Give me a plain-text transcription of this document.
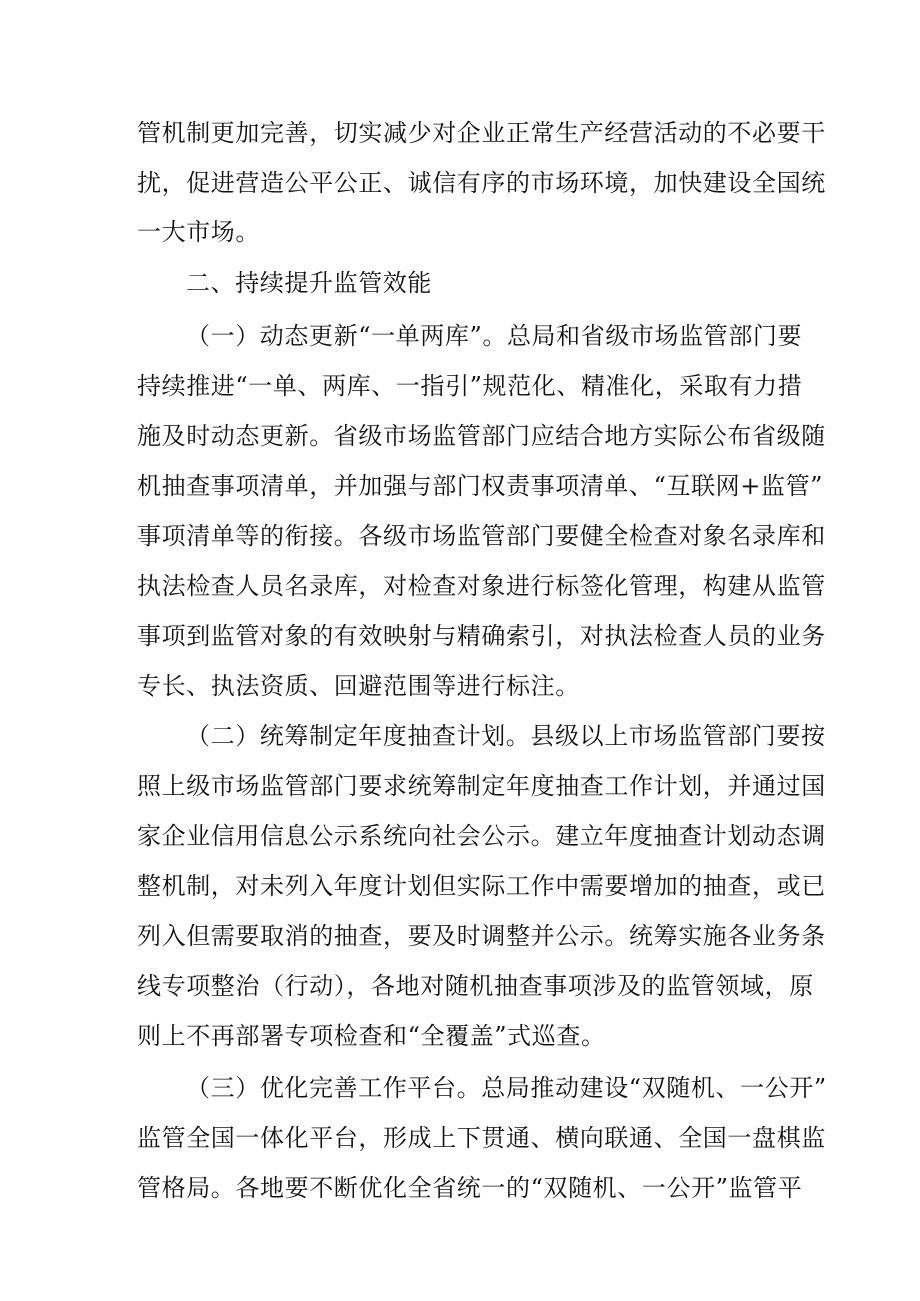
管机制更加完善，切实减少对企业正常生产经营活动的不必要干
扰，促进营造公平公正、诚信有序的市场环境，加快建设全国统
一大市场。
二、持续提升监管效能
（一）动态更新“一单两库”。总局和省级市场监管部门要
持续推进“一单、两库、一指引”规范化、精准化，采取有力措
施及时动态更新。省级市场监管部门应结合地方实际公布省级随
机抽查事项清单，并加强与部门权责事项清单、“互联网+监管”
事项清单等的衔接。各级市场监管部门要健全检查对象名录库和
执法检查人员名录库，对检查对象进行标签化管理，构建从监管
事项到监管对象的有效映射与精确索引，对执法检查人员的业务
专长、执法资质、回避范围等进行标注。
（二）统筹制定年度抽查计划。县级以上市场监管部门要按
照上级市场监管部门要求统筹制定年度抽查工作计划，并通过国
家企业信用信息公示系统向社会公示。建立年度抽查计划动态调
整机制，对未列入年度计划但实际工作中需要增加的抽查，或已
列入但需要取消的抽查，要及时调整并公示。统筹实施各业务条
线专项整治（行动），各地对随机抽查事项涉及的监管领域，原
则上不再部署专项检查和“全覆盖”式巡查。
（三）优化完善工作平台。总局推动建设“双随机、一公开”
监管全国一体化平台，形成上下贯通、横向联通、全国一盘棋监
管格局。各地要不断优化全省统一的“双随机、一公开”监管平
